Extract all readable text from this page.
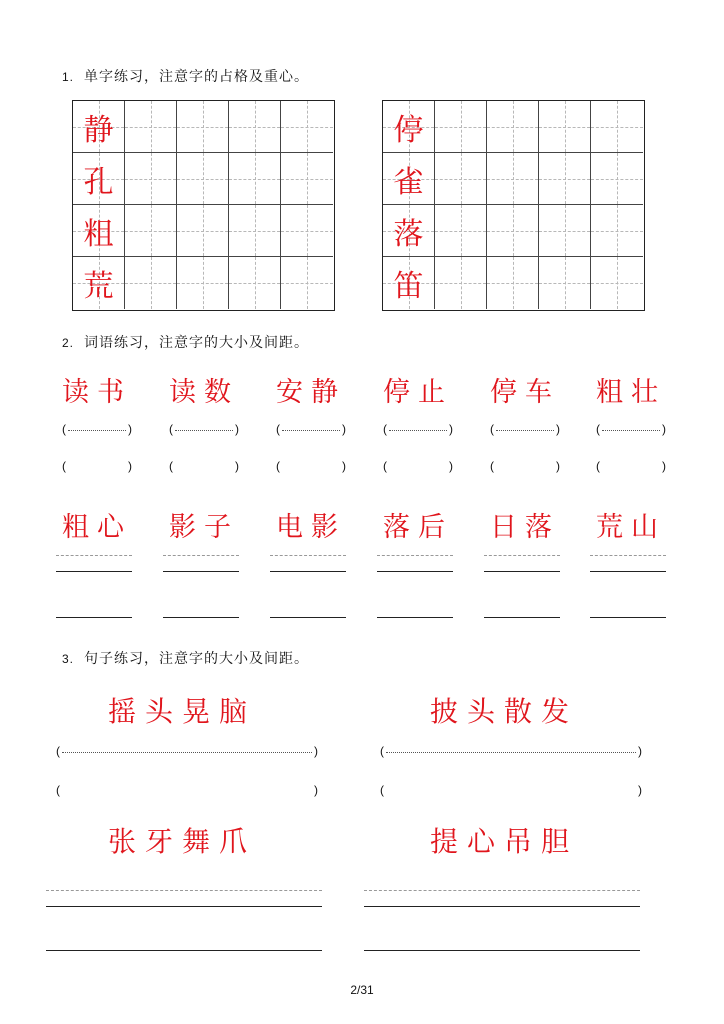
1. 单字练习，注意字的占格及重心。
静
孔
粗
荒
停
雀
落
笛
2. 词语练习，注意字的大小及间距。
读书
(	)
(	)
粗心
读数
(	)
(	)
影子
安静
(	)
(	)
电影
停止
(	)
(	)
落后
停车
(	)
(	)
日落
粗壮
(	)
(	)
荒山
3. 句子练习，注意字的大小及间距。
摇头晃脑	披头散发
(	)	(	)
(	)	(	)
张牙舞爪	提心吊胆
2/31
